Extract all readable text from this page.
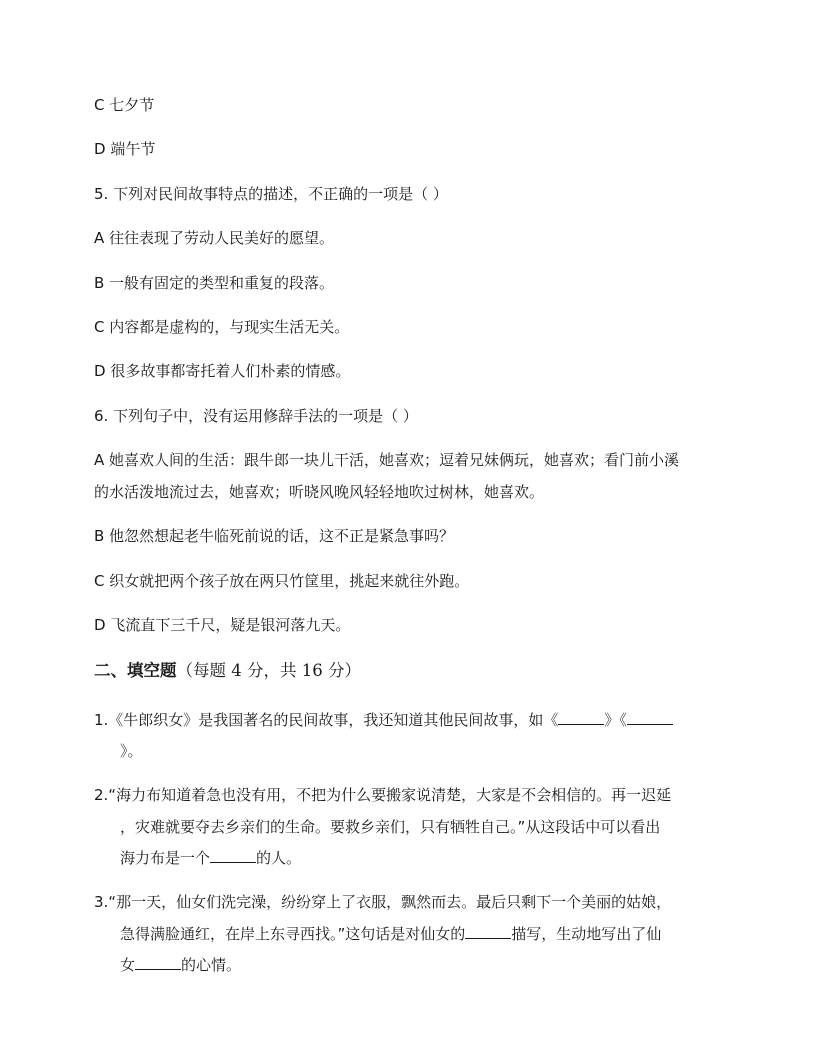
C 七夕节
D 端午节
5. 下列对民间故事特点的描述，不正确的一项是（ ）
A 往往表现了劳动人民美好的愿望。
B 一般有固定的类型和重复的段落。
C 内容都是虚构的，与现实生活无关。
D 很多故事都寄托着人们朴素的情感。
6. 下列句子中，没有运用修辞手法的一项是（ ）
A 她喜欢人间的生活：跟牛郎一块儿干活，她喜欢；逗着兄妹俩玩，她喜欢；看门前小溪
的水活泼地流过去，她喜欢；听晓风晚风轻轻地吹过树林，她喜欢。
B 他忽然想起老牛临死前说的话，这不正是紧急事吗？
C 织女就把两个孩子放在两只竹筐里，挑起来就往外跑。
D 飞流直下三千尺，疑是银河落九天。
二、填空题（每题 4 分，共 16 分）
1.《牛郎织女》是我国著名的民间故事，我还知道其他民间故事，如《	》《
》。
2.“海力布知道着急也没有用，不把为什么要搬家说清楚，大家是不会相信的。再一迟延
，灾难就要夺去乡亲们的生命。要救乡亲们，只有牺牲自己。”从这段话中可以看出
海力布是一个	的人。
3.“那一天，仙女们洗完澡，纷纷穿上了衣服，飘然而去。最后只剩下一个美丽的姑娘，
急得满脸通红，在岸上东寻西找。”这句话是对仙女的	描写，生动地写出了仙
女	的心情。
